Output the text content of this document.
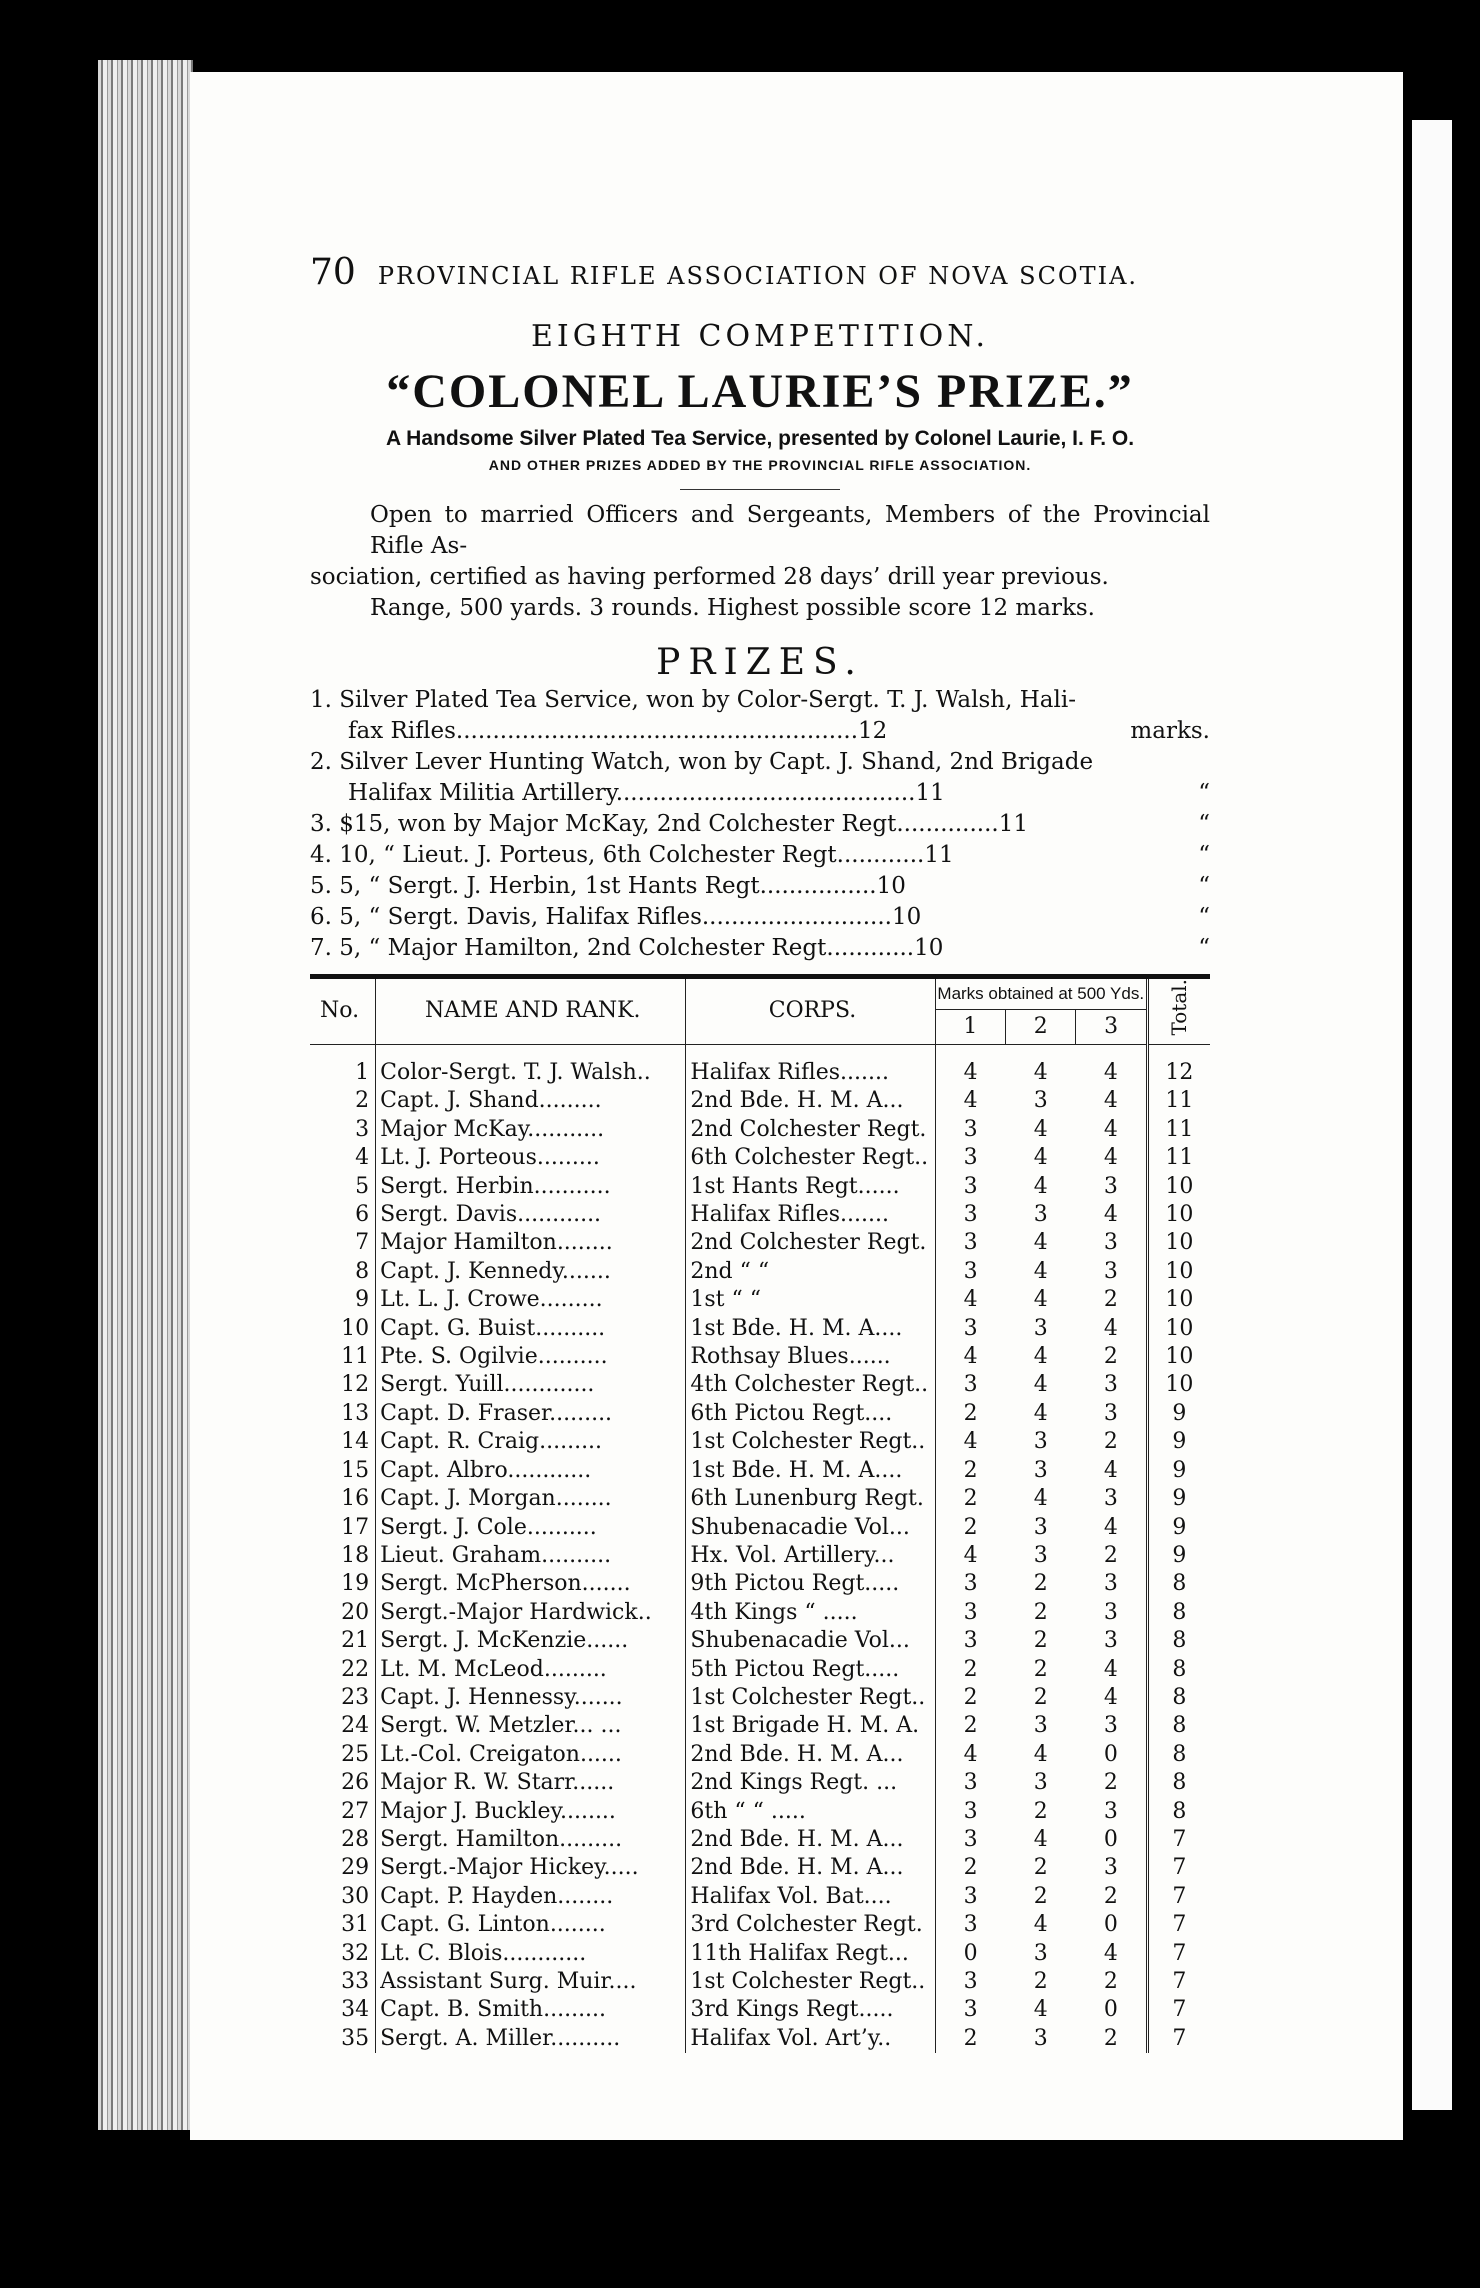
70 PROVINCIAL RIFLE ASSOCIATION OF NOVA SCOTIA.
EIGHTH COMPETITION.
“COLONEL LAURIE’S PRIZE.”
A Handsome Silver Plated Tea Service, presented by Colonel Laurie, I. F. O.
AND OTHER PRIZES ADDED BY THE PROVINCIAL RIFLE ASSOCIATION.
Open to married Officers and Sergeants, Members of the Provincial Rifle As-
sociation, certified as having performed 28 days’ drill year previous.
Range, 500 yards. 3 rounds. Highest possible score 12 marks.
PRIZES.
1. Silver Plated Tea Service, won by Color-Sergt. T. J. Walsh, Hali-
fax Rifles.......................................................12	marks.
2. Silver Lever Hunting Watch, won by Capt. J. Shand, 2nd Brigade
Halifax Militia Artillery.........................................11	“
3. $15, won by Major McKay, 2nd Colchester Regt..............11	“
4. 10, “ Lieut. J. Porteus, 6th Colchester Regt............11	“
5. 5, “ Sergt. J. Herbin, 1st Hants Regt................10	“
6. 5, “ Sergt. Davis, Halifax Rifles..........................10	“
7. 5, “ Major Hamilton, 2nd Colchester Regt............10	“
No.	NAME AND RANK.	CORPS.	Marks obtained at 500 Yds.			Total.
			1	2	3	
1	Color-Sergt. T. J. Walsh..	Halifax Rifles.......	4	4	4	12
2	Capt. J. Shand.........	2nd Bde. H. M. A...	4	3	4	11
3	Major McKay...........	2nd Colchester Regt.	3	4	4	11
4	Lt. J. Porteous.........	6th Colchester Regt..	3	4	4	11
5	Sergt. Herbin...........	1st Hants Regt......	3	4	3	10
6	Sergt. Davis............	Halifax Rifles.......	3	3	4	10
7	Major Hamilton........	2nd Colchester Regt.	3	4	3	10
8	Capt. J. Kennedy.......	2nd “ “	3	4	3	10
9	Lt. L. J. Crowe.........	1st “ “	4	4	2	10
10	Capt. G. Buist..........	1st Bde. H. M. A....	3	3	4	10
11	Pte. S. Ogilvie..........	Rothsay Blues......	4	4	2	10
12	Sergt. Yuill.............	4th Colchester Regt..	3	4	3	10
13	Capt. D. Fraser.........	6th Pictou Regt....	2	4	3	9
14	Capt. R. Craig.........	1st Colchester Regt..	4	3	2	9
15	Capt. Albro............	1st Bde. H. M. A....	2	3	4	9
16	Capt. J. Morgan........	6th Lunenburg Regt.	2	4	3	9
17	Sergt. J. Cole..........	Shubenacadie Vol...	2	3	4	9
18	Lieut. Graham..........	Hx. Vol. Artillery...	4	3	2	9
19	Sergt. McPherson.......	9th Pictou Regt.....	3	2	3	8
20	Sergt.-Major Hardwick..	4th Kings “ .....	3	2	3	8
21	Sergt. J. McKenzie......	Shubenacadie Vol...	3	2	3	8
22	Lt. M. McLeod.........	5th Pictou Regt.....	2	2	4	8
23	Capt. J. Hennessy.......	1st Colchester Regt..	2	2	4	8
24	Sergt. W. Metzler... ...	1st Brigade H. M. A.	2	3	3	8
25	Lt.-Col. Creigaton......	2nd Bde. H. M. A...	4	4	0	8
26	Major R. W. Starr......	2nd Kings Regt. ...	3	3	2	8
27	Major J. Buckley........	6th “ “ .....	3	2	3	8
28	Sergt. Hamilton.........	2nd Bde. H. M. A...	3	4	0	7
29	Sergt.-Major Hickey.....	2nd Bde. H. M. A...	2	2	3	7
30	Capt. P. Hayden........	Halifax Vol. Bat....	3	2	2	7
31	Capt. G. Linton........	3rd Colchester Regt.	3	4	0	7
32	Lt. C. Blois............	11th Halifax Regt...	0	3	4	7
33	Assistant Surg. Muir....	1st Colchester Regt..	3	2	2	7
34	Capt. B. Smith.........	3rd Kings Regt.....	3	4	0	7
35	Sergt. A. Miller..........	Halifax Vol. Art’y..	2	3	2	7
